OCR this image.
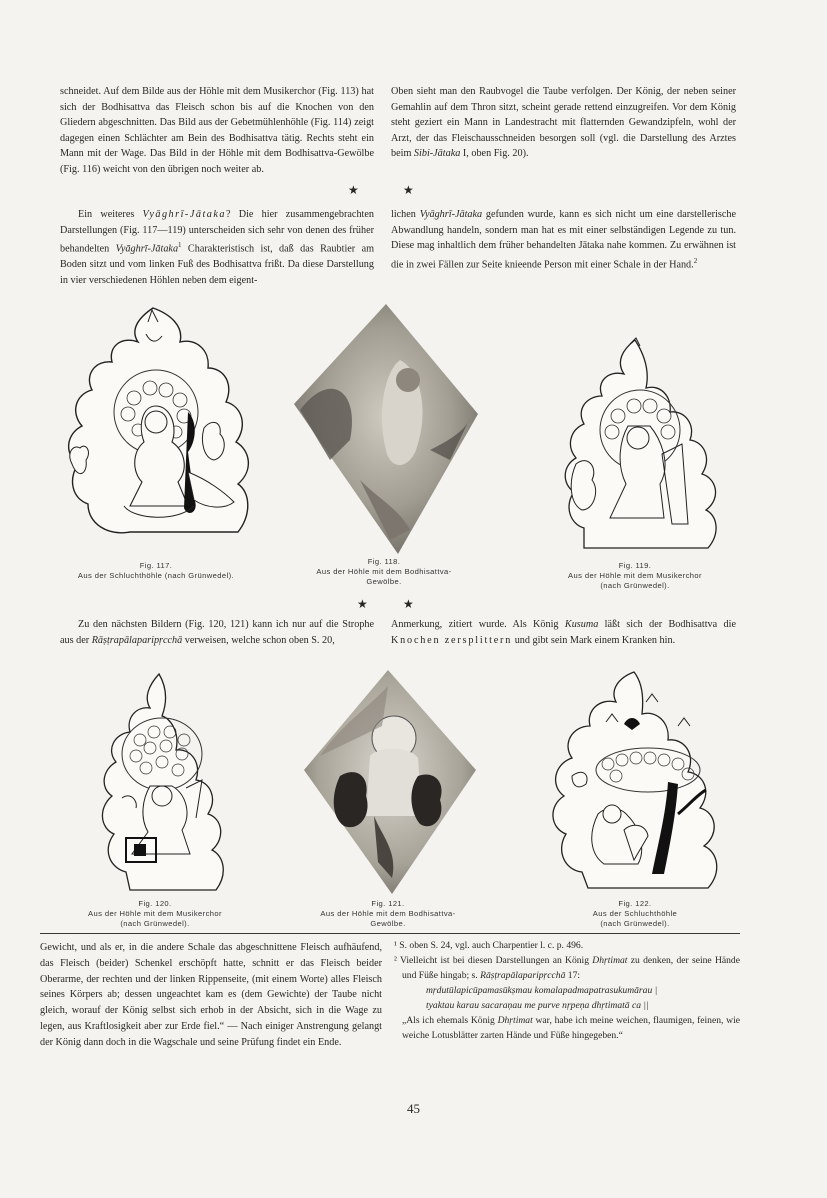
schneidet. Auf dem Bilde aus der Höhle mit dem Musikerchor (Fig. 113) hat sich der Bodhisattva das Fleisch schon bis auf die Knochen von den Gliedern abgeschnitten. Das Bild aus der Gebetmühlenhöhle (Fig. 114) zeigt dagegen einen Schlächter am Bein des Bodhisattva tätig. Rechts steht ein Mann mit der Wage. Das Bild in der Höhle mit dem Bodhisattva-Gewölbe (Fig. 116) weicht von den übrigen noch weiter ab.

Oben sieht man den Raubvogel die Taube verfolgen. Der König, der neben seiner Gemahlin auf dem Thron sitzt, scheint gerade rettend einzugreifen. Vor dem König steht geziert ein Mann in Landestracht mit flatternden Gewandzipfeln, wohl der Arzt, der das Fleischausschneiden besorgen soll (vgl. die Darstellung des Arztes beim Sibi-Jātaka I, oben Fig. 20).

★	★

Ein weiteres Vyāghrī-Jātaka? Die hier zusammengebrachten Darstellungen (Fig. 117—119) unterscheiden sich sehr von denen des früher behandelten Vyāghrī-Jātaka$^1$ Charakteristisch ist, daß das Raubtier am Boden sitzt und vom linken Fuß des Bodhisattva frißt. Da diese Darstellung in vier verschiedenen Höhlen neben dem eigent-

lichen Vyāghrī-Jātaka gefunden wurde, kann es sich nicht um eine darstellerische Abwandlung handeln, sondern man hat es mit einer selbständigen Legende zu tun. Diese mag inhaltlich dem früher behandelten Jātaka nahe kommen. Zu erwähnen ist die in zwei Fällen zur Seite knieende Person mit einer Schale in der Hand.$^2$

Fig. 117.
Aus der Schluchthöhle (nach Grünwedel).
Fig. 118.
Aus der Höhle mit dem Bodhisattva-
Gewölbe.
Fig. 119.
Aus der Höhle mit dem Musikerchor
(nach Grünwedel).
★	★

Zu den nächsten Bildern (Fig. 120, 121) kann ich nur auf die Strophe aus der Rāṣṭrapālaparipṛcchā verweisen, welche schon oben S. 20,

Anmerkung, zitiert wurde. Als König Kusuma läßt sich der Bodhisattva die Knochen zersplittern und gibt sein Mark einem Kranken hin.

Fig. 120.
Aus der Höhle mit dem Musikerchor
(nach Grünwedel).
Fig. 121.
Aus der Höhle mit dem Bodhisattva-
Gewölbe.
Fig. 122.
Aus der Schluchthöhle
(nach Grünwedel).

Gewicht, und als er, in die andere Schale das abgeschnittene Fleisch aufhäufend, das Fleisch (beider) Schenkel erschöpft hatte, schnitt er das Fleisch beider Oberarme, der rechten und der linken Rippenseite, (mit einem Worte) alles Fleisch seines Körpers ab; dessen ungeachtet kam es (dem Gewichte) der Taube nicht gleich, worauf der König selbst sich erhob in der Absicht, sich in die Wage zu legen, aus Kraftlosigkeit aber zur Erde fiel.“ — Nach einiger Anstrengung gelangt der König dann doch in die Wagschale und seine Prüfung findet ein Ende.

¹ S. oben S. 24, vgl. auch Charpentier l. c. p. 496.

² Vielleicht ist bei diesen Darstellungen an König Dhṛtimat zu denken, der seine Hände und Füße hingab; s. Rāṣṭrapālaparipṛcchā 17:

mṛdutūlapicūpamasūkṣmau komalapadmapatrasukumārau |

tyaktau karau sacaraṇau me purve nṛpeṇa dhṛtimatā ca ||

„Als ich ehemals König Dhṛtimat war, habe ich meine weichen, flaumigen, feinen, wie weiche Lotusblätter zarten Hände und Füße hingegeben.“

45
